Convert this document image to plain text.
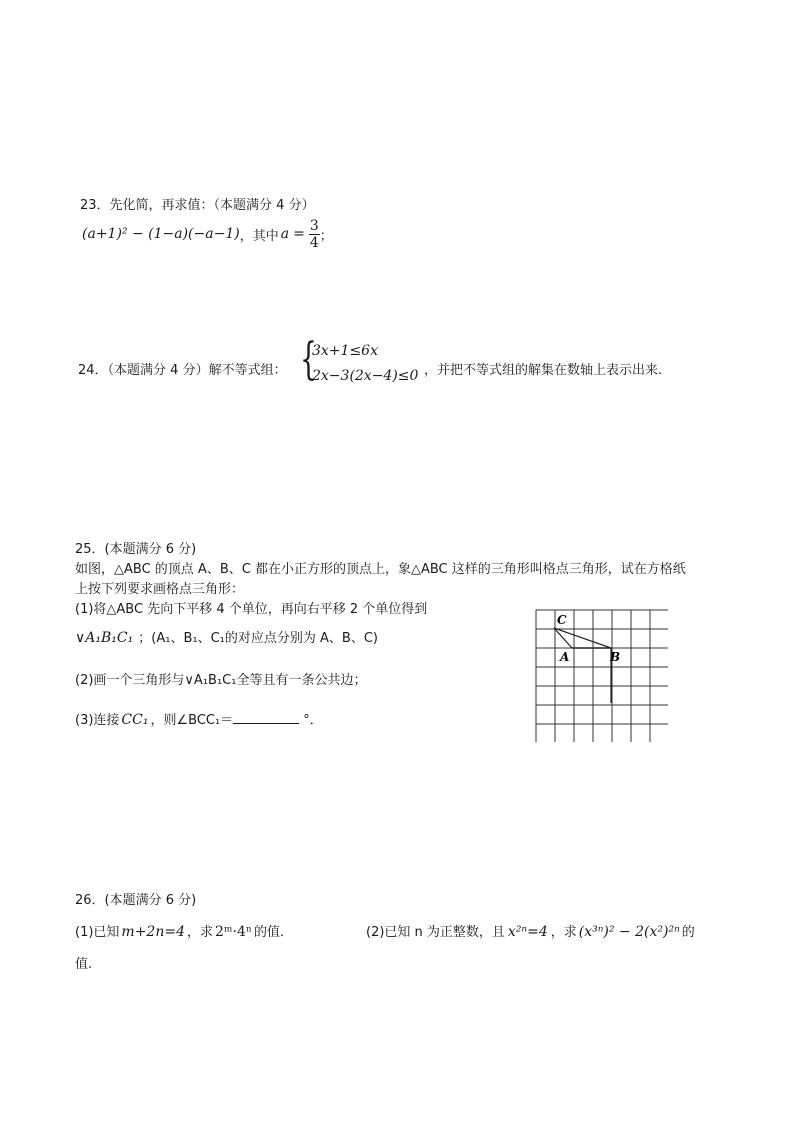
23．先化简，再求值：（本题满分 4 分）
(a+1)² − (1−a)(−a−1) ，其中 $a = \frac{3}{4}$ ；
24．（本题满分 4 分）解不等式组： {
3x+1≤6x
2x−3(2x−4)≤0 ，并把不等式组的解集在数轴上表示出来.
25．(本题满分 6 分)
如图，△ABC 的顶点 A、B、C 都在小正方形的顶点上，象△ABC 这样的三角形叫格点三角形，试在方格纸
上按下列要求画格点三角形：
(1)将△ABC 先向下平移 4 个单位，再向右平移 2 个单位得到
∨A₁B₁C₁ ；(A₁、B₁、C₁的对应点分别为 A、B、C)
(2)画一个三角形与∨A₁B₁C₁全等且有一条公共边；
(3)连接 CC₁ ，则∠BCC₁＝	°．
C
A	B
26．(本题满分 6 分)
(1)已知 m+2n=4 ，求 2ᵐ·4ⁿ 的值．	(2)已知 n 为正整数，且 x²ⁿ=4 ，求 (x³ⁿ)² − 2(x²)²ⁿ 的
值.
